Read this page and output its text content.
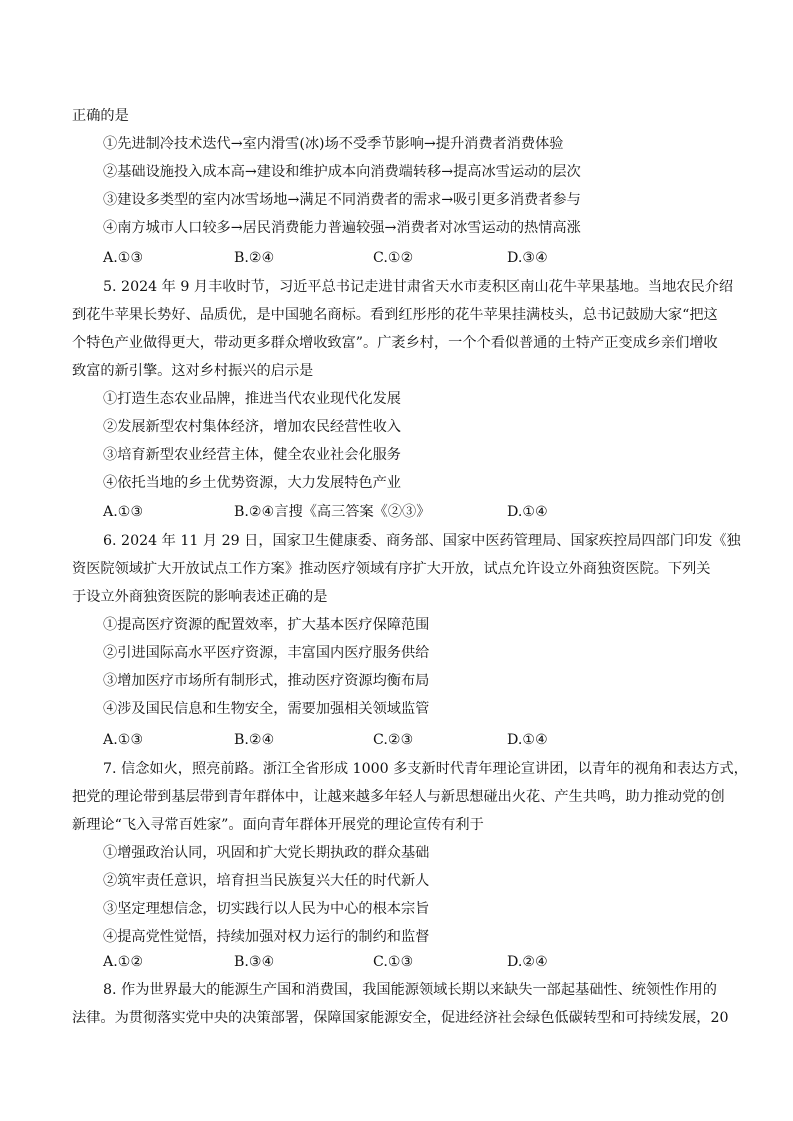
正确的是
①先进制冷技术迭代→室内滑雪(冰)场不受季节影响→提升消费者消费体验
②基础设施投入成本高→建设和维护成本向消费端转移→提高冰雪运动的层次
③建设多类型的室内冰雪场地→满足不同消费者的需求→吸引更多消费者参与
④南方城市人口较多→居民消费能力普遍较强→消费者对冰雪运动的热情高涨
A.①③	B.②④	C.①②	D.③④
5. 2024 年 9 月丰收时节，习近平总书记走进甘肃省天水市麦积区南山花牛苹果基地。当地农民介绍
到花牛苹果长势好、品质优，是中国驰名商标。看到红彤彤的花牛苹果挂满枝头，总书记鼓励大家“把这
个特色产业做得更大，带动更多群众增收致富”。广袤乡村，一个个看似普通的土特产正变成乡亲们增收
致富的新引擎。这对乡村振兴的启示是
①打造生态农业品牌，推进当代农业现代化发展
②发展新型农村集体经济，增加农民经营性收入
③培育新型农业经营主体，健全农业社会化服务
④依托当地的乡土优势资源，大力发展特色产业
A.①③	B.②④言搜《高三答案《②③》	D.①④
6. 2024 年 11 月 29 日，国家卫生健康委、商务部、国家中医药管理局、国家疾控局四部门印发《独
资医院领域扩大开放试点工作方案》推动医疗领域有序扩大开放，试点允许设立外商独资医院。下列关
于设立外商独资医院的影响表述正确的是
①提高医疗资源的配置效率，扩大基本医疗保障范围
②引进国际高水平医疗资源，丰富国内医疗服务供给
③增加医疗市场所有制形式，推动医疗资源均衡布局
④涉及国民信息和生物安全，需要加强相关领域监管
A.①③	B.②④	C.②③	D.①④
7. 信念如火，照亮前路。浙江全省形成 1000 多支新时代青年理论宣讲团，以青年的视角和表达方式，
把党的理论带到基层带到青年群体中，让越来越多年轻人与新思想碰出火花、产生共鸣，助力推动党的创
新理论“飞入寻常百姓家”。面向青年群体开展党的理论宣传有利于
①增强政治认同，巩固和扩大党长期执政的群众基础
②筑牢责任意识，培育担当民族复兴大任的时代新人
③坚定理想信念，切实践行以人民为中心的根本宗旨
④提高党性觉悟，持续加强对权力运行的制约和监督
A.①②	B.③④	C.①③	D.②④
8. 作为世界最大的能源生产国和消费国，我国能源领域长期以来缺失一部起基础性、统领性作用的
法律。为贯彻落实党中央的决策部署，保障国家能源安全，促进经济社会绿色低碳转型和可持续发展，20
